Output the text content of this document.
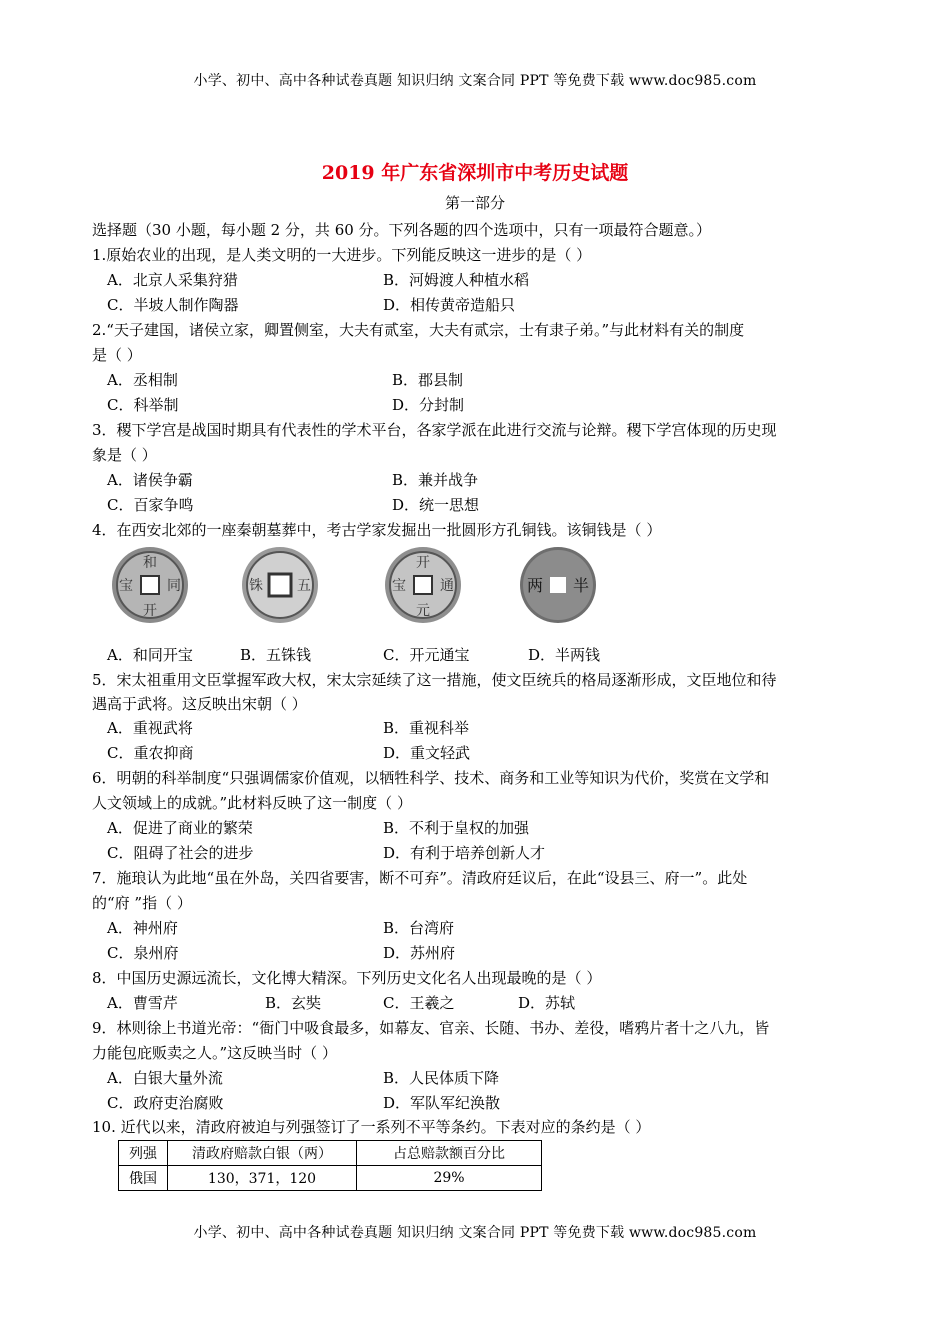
小学、初中、高中各种试卷真题 知识归纳 文案合同 PPT 等免费下载 www.doc985.com
2019 年广东省深圳市中考历史试题
第一部分
选择题（30 小题，每小题 2 分，共 60 分。下列各题的四个选项中，只有一项最符合题意。）
1.原始农业的出现，是人类文明的一大进步。下列能反映这一进步的是（ ）
A．北京人采集狩猎	B．河姆渡人种植水稻
C．半坡人制作陶器	D．相传黄帝造船只
2.“天子建国，诸侯立家，卿置侧室，大夫有贰室，大夫有贰宗，士有隶子弟。”与此材料有关的制度
是（ ）
A．丞相制	B．郡县制
C．科举制	D．分封制
3．稷下学宫是战国时期具有代表性的学术平台，各家学派在此进行交流与论辩。稷下学宫体现的历史现
象是（ ）
A．诸侯争霸	B．兼并战争
C．百家争鸣	D．统一思想
4．在西安北郊的一座秦朝墓葬中，考古学家发掘出一批圆形方孔铜钱。该铜钱是（ ）
和
同
开
宝	铢 五
开
元
通
宝	两 半
A．和同开宝	B．五铢钱	C．开元通宝	D．半两钱
5．宋太祖重用文臣掌握军政大权，宋太宗延续了这一措施，使文臣统兵的格局逐渐形成，文臣地位和待
遇高于武将。这反映出宋朝（ ）
A．重视武将	B．重视科举
C．重农抑商	D．重文轻武
6．明朝的科举制度“只强调儒家价值观，以牺牲科学、技术、商务和工业等知识为代价，奖赏在文学和
人文领域上的成就。”此材料反映了这一制度（ ）
A．促进了商业的繁荣	B．不利于皇权的加强
C．阻碍了社会的进步	D．有利于培养创新人才
7．施琅认为此地“虽在外岛，关四省要害，断不可弃”。清政府廷议后，在此“设县三、府一”。此处
的“府 ”指（ ）
A．神州府	B．台湾府
C．泉州府	D．苏州府
8．中国历史源远流长，文化博大精深。下列历史文化名人出现最晚的是（ ）
A．曹雪芹	B．玄奘	C．王羲之	D．苏轼
9．林则徐上书道光帝：“衙门中吸食最多，如幕友、官亲、长随、书办、差役，嗜鸦片者十之八九，皆
力能包庇贩卖之人。”这反映当时（ ）
A．白银大量外流	B．人民体质下降
C．政府吏治腐败	D．军队军纪涣散
10. 近代以来，清政府被迫与列强签订了一系列不平等条约。下表对应的条约是（ ）
列强	清政府赔款白银（两）	占总赔款额百分比
俄国	130，371，120	29%
小学、初中、高中各种试卷真题 知识归纳 文案合同 PPT 等免费下载 www.doc985.com
